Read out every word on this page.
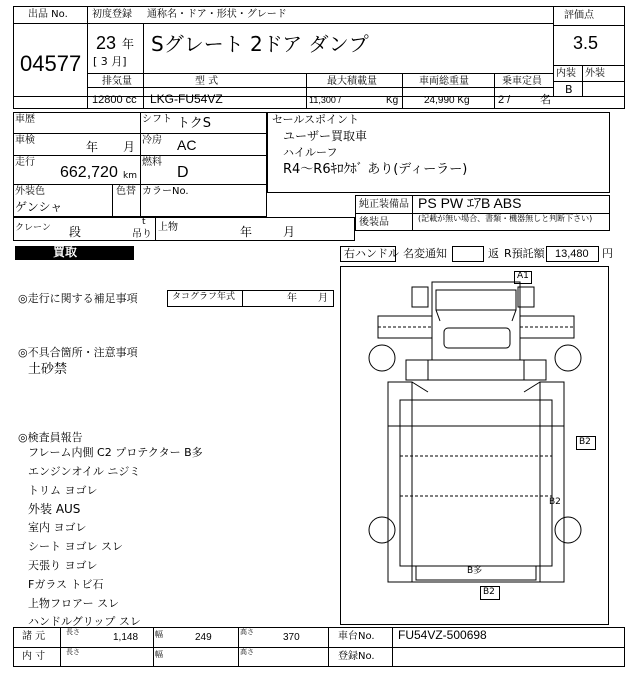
出品 No.
04577
初度登録 通称名・ドア・形状・グレード
23 年
[ 3 月]
Sグレート 2ドア ダンプ
評価点
3.5
内装 外装
B
排気量	型 式	最大積載量	車両総重量	乗車定員
12800 cc LKG-FU54VZ	11,300 /	Kg	24,990 Kg	2 /	名
車歴	シフト トクS
車検	年 月 冷房 AC
走行
662,720 km
燃料
D
外装色
ゲンシャ
色替 カラーNo.
セールスポイント
ユーザー買取車
ハイルーフ
R4～R6ｷﾛｸﾎﾞ あり(ディーラー)
純正装備品 PS PW ｴｱB ABS
後装品	(記載が無い場合、書類・機器無しと判断下さい)
クレーン 段
t
吊り
上物	年	月
買取	右ハンドル 名変通知	返 R預託額 13,480 円
◎走行に関する補足事項	タコグラフ年式	年 月
◎不具合箇所・注意事項
土砂禁
◎検査員報告
フレーム内側 C2 プロテクター B多
エンジンオイル ニジミ
トリム ヨゴレ
外装 AUS
室内 ヨゴレ
シート ヨゴレ スレ
天張り ヨゴレ
Fガラス トビ石
上物フロアー スレ
ハンドルグリップ スレ
A1
B2
B2
B多
B2
諸 元	長さ	1,148 幅	249	高さ	370	車台No. FU54VZ-500698
内 寸	長さ	幅	高さ	登録No.
